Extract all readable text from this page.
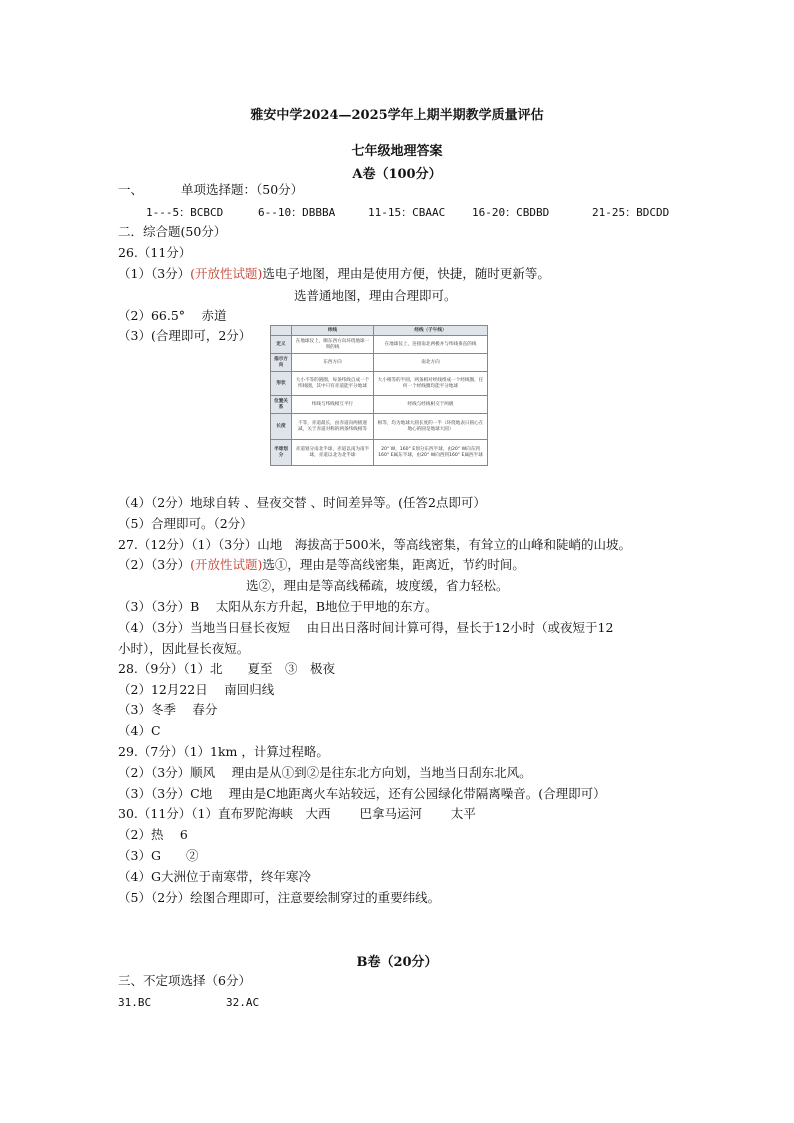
雅安中学2024—2025学年上期半期教学质量评估
七年级地理答案
A卷（100分）
一、	单项选择题：（50分）
1---5：BCBCD	6--10：DBBBA	11-15：CBAAC 16-20：CBDBD	21-25：BDCDD
二．综合题(50分）
26.（11分）
（1）（3分）(开放性试题)选电子地图，理由是使用方便，快捷，随时更新等。
选普通地图，理由合理即可。
（2）66.5°　 赤道
（3）(合理即可，2分）
		纬线	经线（子午线）
定义	在地球仪上，顺东西方向环绕地球一周的线	在地球仪上，连接南北两极并与纬线垂直的线
指示方向	东西方向	南北方向
形状	大小不等的圆圈，每条纬线自成一个纬线圈，其中只有赤道能平分地球	大小相等的半圆，两条相对经线组成一个经线圈，任何一个经线圈均能平分地球
位置关系	纬线与纬线相互平行	经线与经线相交于两极
长度	不等，赤道最长，由赤道向两极递减，关于赤道对称的两条纬线相等	相等，均为地球大圆长度的一半（环绕地表日圆心在地心的圆是地球大圆）
半球划分	赤道划分南北半球，赤道以南为南半球，赤道以北为北半球	20° W，160° E划分东西半球，由20° W向东到160° E属东半球，由20° W向西到160° E属西半球
（4）（2分）地球自转 、昼夜交替 、时间差异等。(任答2点即可）
（5）合理即可。（2分）
27.（12分）（1）（3分）山地　海拔高于500米，等高线密集，有耸立的山峰和陡峭的山坡。
（2）（3分）(开放性试题)选①，理由是等高线密集，距离近，节约时间。
选②，理由是等高线稀疏，坡度缓，省力轻松。
（3）（3分）B　 太阳从东方升起，B地位于甲地的东方。
（4）（3分）当地当日昼长夜短　 由日出日落时间计算可得，昼长于12小时（或夜短于12
小时），因此昼长夜短。
28.（9分）（1）北　　夏至　③　极夜
（2）12月22日　 南回归线
（3）冬季　 春分
（4）C
29.（7分）（1）1km ，计算过程略。
（2）（3分）顺风　 理由是从①到②是往东北方向划，当地当日刮东北风。
（3）（3分）C地　 理由是C地距离火车站较远，还有公园绿化带隔离噪音。(合理即可）
30.（11分）（1）直布罗陀海峡　大西　　 巴拿马运河　　 太平
（2）热　 6
（3）G　　②
（4）G大洲位于南寒带，终年寒冷
（5）（2分）绘图合理即可，注意要绘制穿过的重要纬线。
B卷（20分）
三、不定项选择（6分）
31.BC	32.AC
